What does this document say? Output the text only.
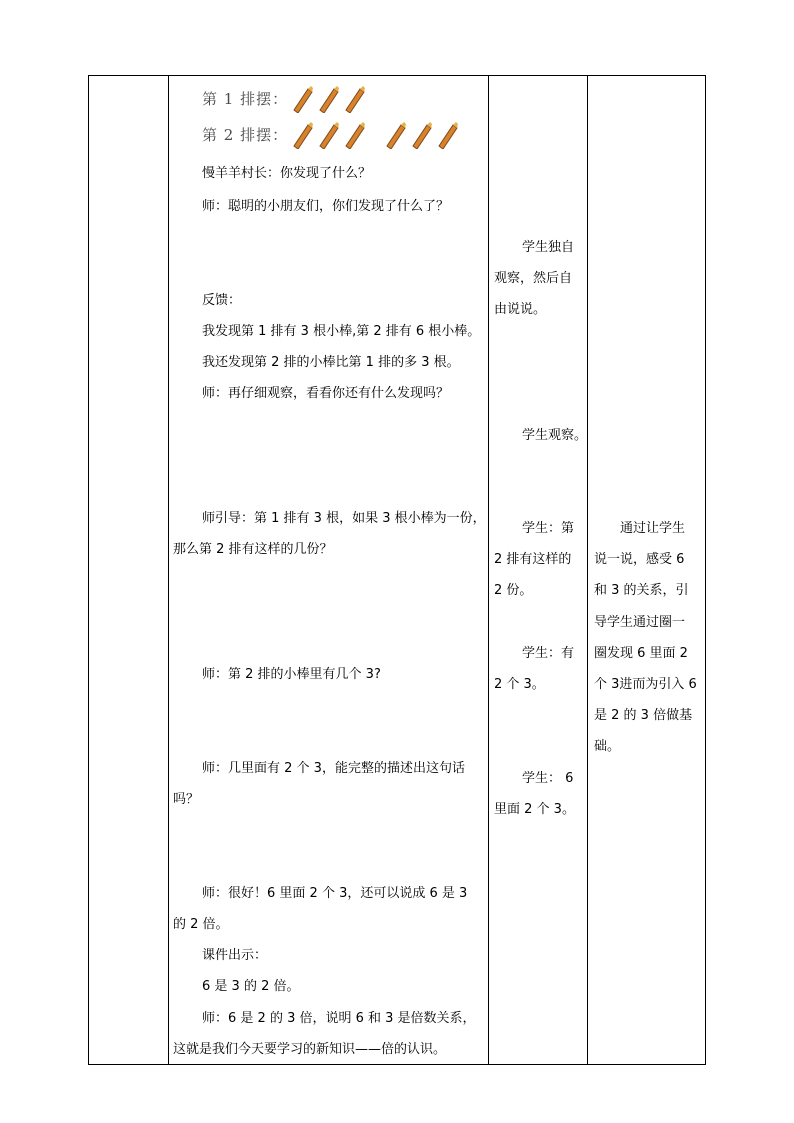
第 1 排摆：
第 2 排摆：
慢羊羊村长：你发现了什么？
师：聪明的小朋友们，你们发现了什么了？
反馈：
我发现第 1 排有 3 根小棒,第 2 排有 6 根小棒。
我还发现第 2 排的小棒比第 1 排的多 3 根。
师：再仔细观察，看看你还有什么发现吗？
师引导：第 1 排有 3 根，如果 3 根小棒为一份，
那么第 2 排有这样的几份？
师：第 2 排的小棒里有几个 3?
师：几里面有 2 个 3，能完整的描述出这句话
吗？
师：很好！6 里面 2 个 3，还可以说成 6 是 3
的 2 倍。
课件出示：
6 是 3 的 2 倍。
师：6 是 2 的 3 倍，说明 6 和 3 是倍数关系，
这就是我们今天要学习的新知识——倍的认识。
学生独自
观察，然后自
由说说。
学生观察。
学生：第
2 排有这样的
2 份。
学生：有
2 个 3。
学生： 6
里面 2 个 3。
通过让学生
说一说，感受 6
和 3 的关系，引
导学生通过圈一
圈发现 6 里面 2
个 3进而为引入 6
是 2 的 3 倍做基
础。
